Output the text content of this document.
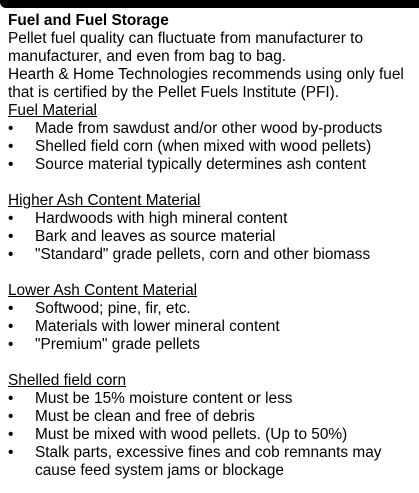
Fuel and Fuel Storage

Pellet fuel quality can fluctuate from manufacturer to manufacturer, and even from bag to bag.

Hearth & Home Technologies recommends using only fuel that is certified by the Pellet Fuels Institute (PFI).

Fuel Material

• Made from sawdust and/or other wood by-products
• Shelled field corn (when mixed with wood pellets)
• Source material typically determines ash content

Higher Ash Content Material

• Hardwoods with high mineral content
• Bark and leaves as source material
• "Standard" grade pellets, corn and other biomass

Lower Ash Content Material

• Softwood; pine, fir, etc.
• Materials with lower mineral content
• "Premium" grade pellets

Shelled field corn

• Must be 15% moisture content or less
• Must be clean and free of debris
• Must be mixed with wood pellets. (Up to 50%)
• Stalk parts, excessive fines and cob remnants may cause feed system jams or blockage
